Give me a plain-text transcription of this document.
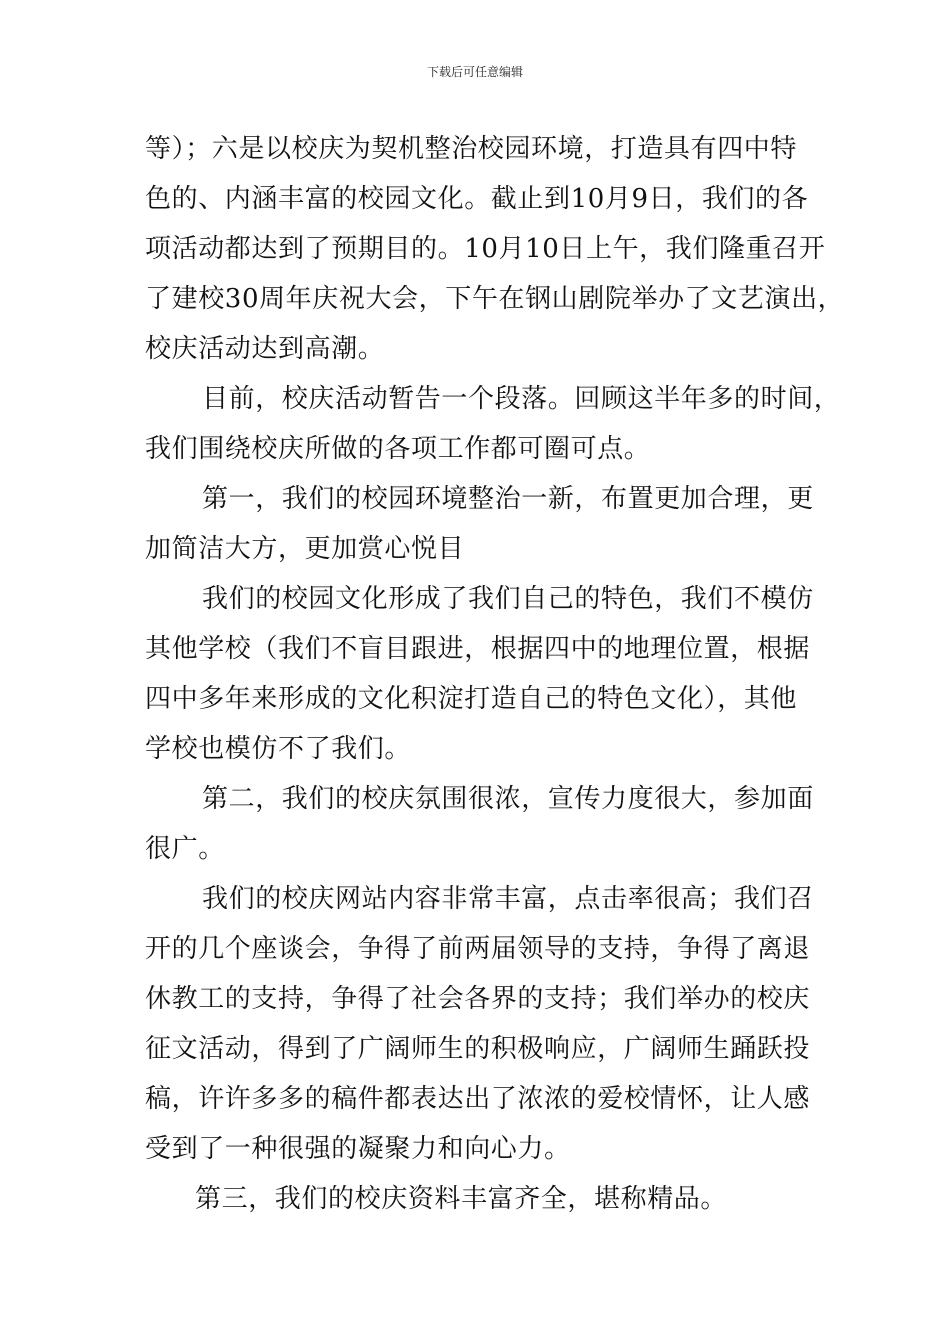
下载后可任意编辑
等）；六是以校庆为契机整治校园环境，打造具有四中特
色的、内涵丰富的校园文化。截止到10月9日，我们的各
项活动都达到了预期目的。10月10日上午，我们隆重召开
了建校30周年庆祝大会，下午在钢山剧院举办了文艺演出，
校庆活动达到高潮。
目前，校庆活动暂告一个段落。回顾这半年多的时间，
我们围绕校庆所做的各项工作都可圈可点。
第一，我们的校园环境整治一新，布置更加合理，更
加简洁大方，更加赏心悦目
我们的校园文化形成了我们自己的特色，我们不模仿
其他学校（我们不盲目跟进，根据四中的地理位置，根据
四中多年来形成的文化积淀打造自己的特色文化），其他
学校也模仿不了我们。
第二，我们的校庆氛围很浓，宣传力度很大，参加面
很广。
我们的校庆网站内容非常丰富，点击率很高；我们召
开的几个座谈会，争得了前两届领导的支持，争得了离退
休教工的支持，争得了社会各界的支持；我们举办的校庆
征文活动，得到了广阔师生的积极响应，广阔师生踊跃投
稿，许许多多的稿件都表达出了浓浓的爱校情怀，让人感
受到了一种很强的凝聚力和向心力。
第三，我们的校庆资料丰富齐全，堪称精品。
